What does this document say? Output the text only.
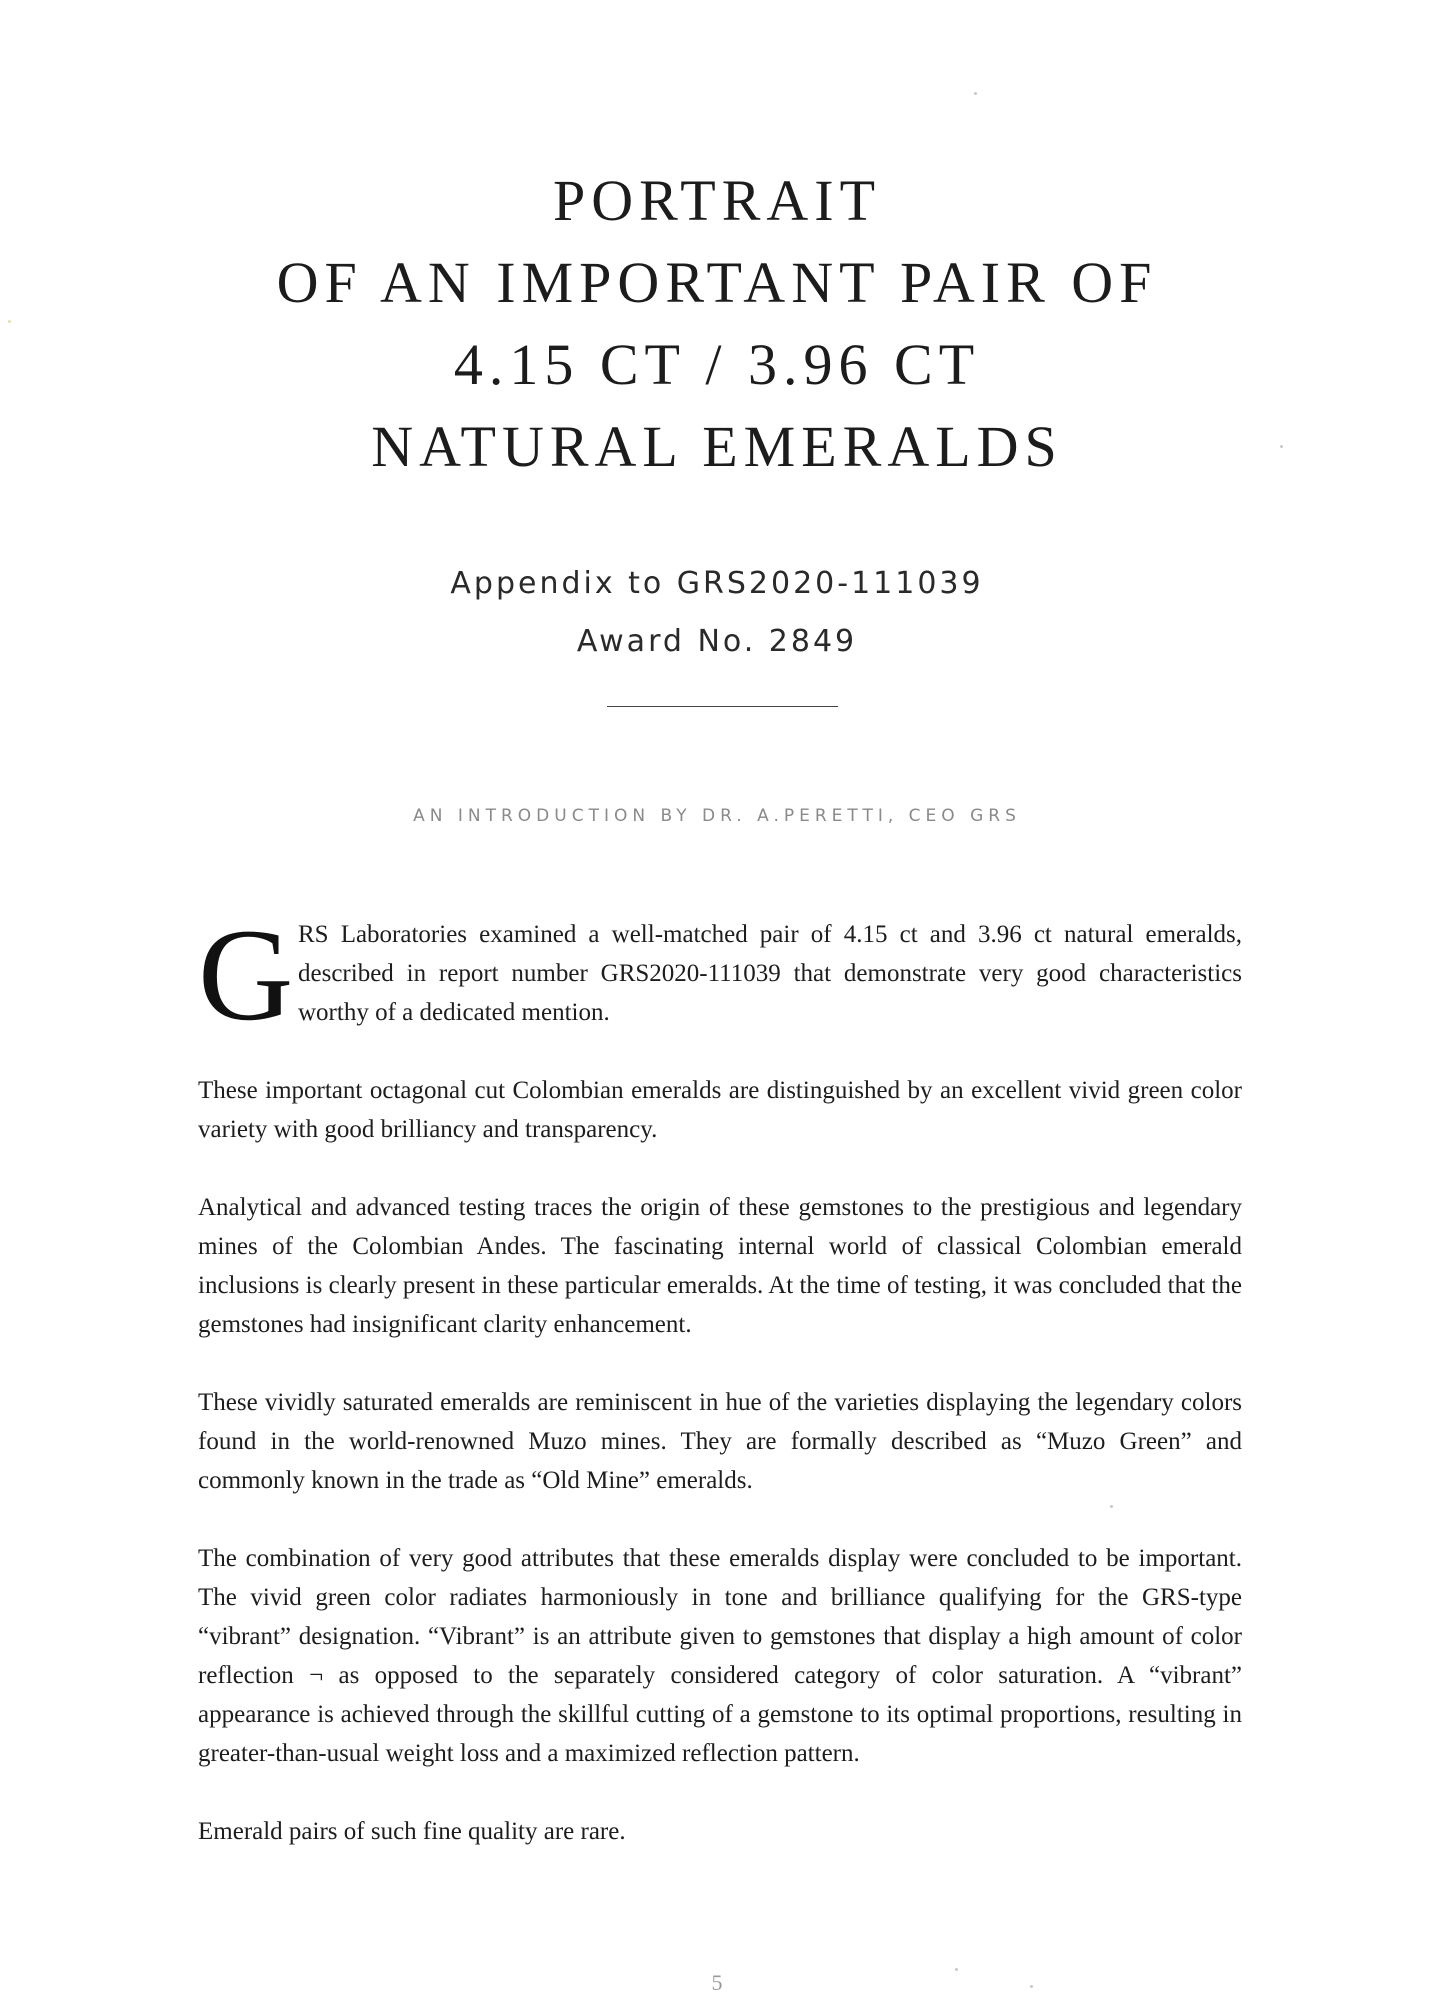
PORTRAIT
OF AN IMPORTANT PAIR OF
4.15 CT / 3.96 CT
NATURAL EMERALDS
Appendix to GRS2020-111039
Award No. 2849
AN INTRODUCTION BY DR. A.PERETTI, CEO GRS

G RS Laboratories examined a well-matched pair of 4.15 ct and 3.96 ct natural emeralds, described in report number GRS2020-111039 that demonstrate very good characteristics worthy of a dedicated mention.

These important octagonal cut Colombian emeralds are distinguished by an excellent vivid green color variety with good brilliancy and transparency.

Analytical and advanced testing traces the origin of these gemstones to the prestigious and legendary mines of the Colombian Andes. The fascinating internal world of classical Colombian emerald inclusions is clearly present in these particular emeralds. At the time of testing, it was concluded that the gemstones had insignificant clarity enhancement.

These vividly saturated emeralds are reminiscent in hue of the varieties displaying the legendary colors found in the world-renowned Muzo mines. They are formally described as “Muzo Green” and commonly known in the trade as “Old Mine” emeralds.

The combination of very good attributes that these emeralds display were concluded to be important. The vivid green color radiates harmoniously in tone and brilliance qualifying for the GRS-type “vibrant” designation. “Vibrant” is an attribute given to gemstones that display a high amount of color reflection ¬ as opposed to the separately considered category of color saturation. A “vibrant” appearance is achieved through the skillful cutting of a gemstone to its optimal proportions, resulting in greater-than-usual weight loss and a maximized reflection pattern.

Emerald pairs of such fine quality are rare.

5
